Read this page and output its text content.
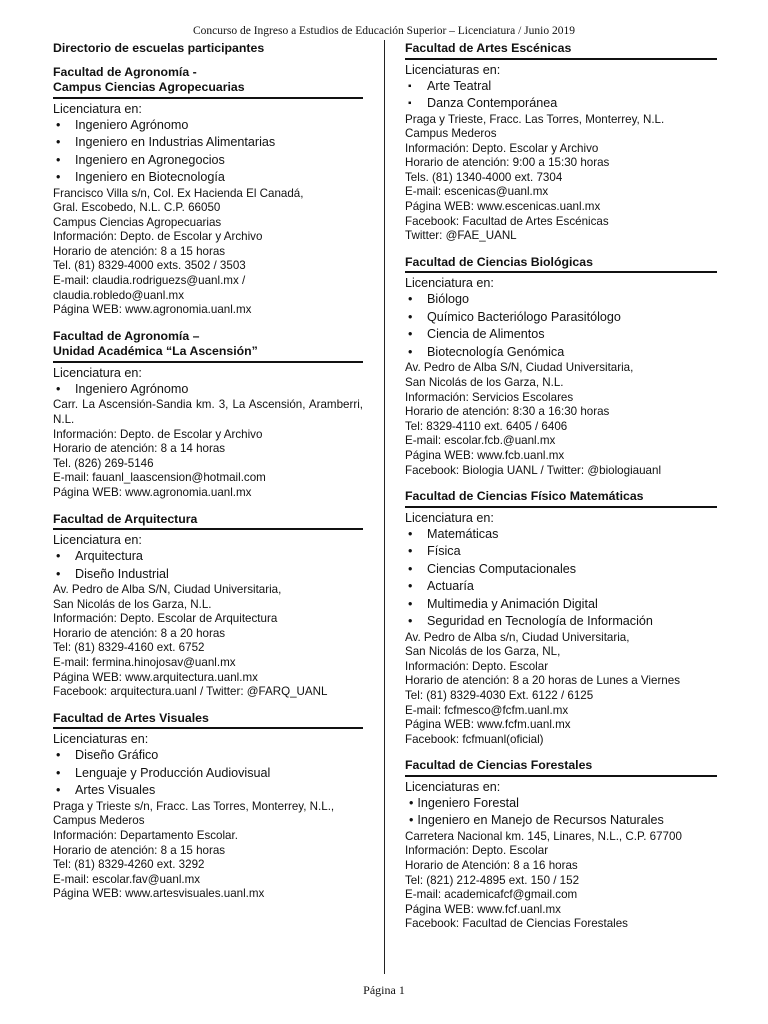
Concurso de Ingreso a Estudios de Educación Superior – Licenciatura / Junio 2019
Directorio de escuelas participantes
Facultad de Agronomía -
Campus Ciencias Agropecuarias
Licenciatura en:
• Ingeniero Agrónomo
• Ingeniero en Industrias Alimentarias
• Ingeniero en Agronegocios
• Ingeniero en Biotecnología
Francisco Villa s/n, Col. Ex Hacienda El Canadá,
Gral. Escobedo, N.L. C.P. 66050
Campus Ciencias Agropecuarias
Información: Depto. de Escolar y Archivo
Horario de atención: 8 a 15 horas
Tel. (81) 8329-4000 exts. 3502 / 3503
E-mail: claudia.rodriguezs@uanl.mx /
claudia.robledo@uanl.mx
Página WEB: www.agronomia.uanl.mx
Facultad de Agronomía –
Unidad Académica “La Ascensión”
Licenciatura en:
• Ingeniero Agrónomo
Carr. La Ascensión-Sandia km. 3, La Ascensión, Aramberri, N.L.
Información: Depto. de Escolar y Archivo
Horario de atención: 8 a 14 horas
Tel. (826) 269-5146
E-mail: fauanl_laascension@hotmail.com
Página WEB: www.agronomia.uanl.mx
Facultad de Arquitectura
Licenciatura en:
• Arquitectura
• Diseño Industrial
Av. Pedro de Alba S/N, Ciudad Universitaria,
San Nicolás de los Garza, N.L.
Información: Depto. Escolar de Arquitectura
Horario de atención: 8 a 20 horas
Tel: (81) 8329-4160 ext. 6752
E-mail: fermina.hinojosav@uanl.mx
Página WEB: www.arquitectura.uanl.mx
Facebook: arquitectura.uanl / Twitter: @FARQ_UANL
Facultad de Artes Visuales
Licenciaturas en:
• Diseño Gráfico
• Lenguaje y Producción Audiovisual
• Artes Visuales
Praga y Trieste s/n, Fracc. Las Torres, Monterrey, N.L.,
Campus Mederos
Información: Departamento Escolar.
Horario de atención: 8 a 15 horas
Tel: (81) 8329-4260 ext. 3292
E-mail: escolar.fav@uanl.mx
Página WEB: www.artesvisuales.uanl.mx
Facultad de Artes Escénicas
Licenciaturas en:
▪ Arte Teatral
▪ Danza Contemporánea
Praga y Trieste, Fracc. Las Torres, Monterrey, N.L.
Campus Mederos
Información: Depto. Escolar y Archivo
Horario de atención: 9:00 a 15:30 horas
Tels. (81) 1340-4000 ext. 7304
E-mail: escenicas@uanl.mx
Página WEB: www.escenicas.uanl.mx
Facebook: Facultad de Artes Escénicas
Twitter: @FAE_UANL
Facultad de Ciencias Biológicas
Licenciatura en:
• Biólogo
• Químico Bacteriólogo Parasitólogo
• Ciencia de Alimentos
• Biotecnología Genómica
Av. Pedro de Alba S/N, Ciudad Universitaria,
San Nicolás de los Garza, N.L.
Información: Servicios Escolares
Horario de atención: 8:30 a 16:30 horas
Tel: 8329-4110 ext. 6405 / 6406
E-mail: escolar.fcb.@uanl.mx
Página WEB: www.fcb.uanl.mx
Facebook: Biologia UANL / Twitter: @biologiauanl
Facultad de Ciencias Físico Matemáticas
Licenciatura en:
• Matemáticas
• Física
• Ciencias Computacionales
• Actuaría
• Multimedia y Animación Digital
• Seguridad en Tecnología de Información
Av. Pedro de Alba s/n, Ciudad Universitaria,
San Nicolás de los Garza, NL,
Información: Depto. Escolar
Horario de atención: 8 a 20 horas de Lunes a Viernes
Tel: (81) 8329-4030 Ext. 6122 / 6125
E-mail: fcfmesco@fcfm.uanl.mx
Página WEB: www.fcfm.uanl.mx
Facebook: fcfmuanl(oficial)
Facultad de Ciencias Forestales
Licenciaturas en:
• Ingeniero Forestal
• Ingeniero en Manejo de Recursos Naturales
Carretera Nacional km. 145, Linares, N.L., C.P. 67700
Información: Depto. Escolar
Horario de Atención: 8 a 16 horas
Tel: (821) 212-4895 ext. 150 / 152
E-mail: academicafcf@gmail.com
Página WEB: www.fcf.uanl.mx
Facebook: Facultad de Ciencias Forestales
Página 1
